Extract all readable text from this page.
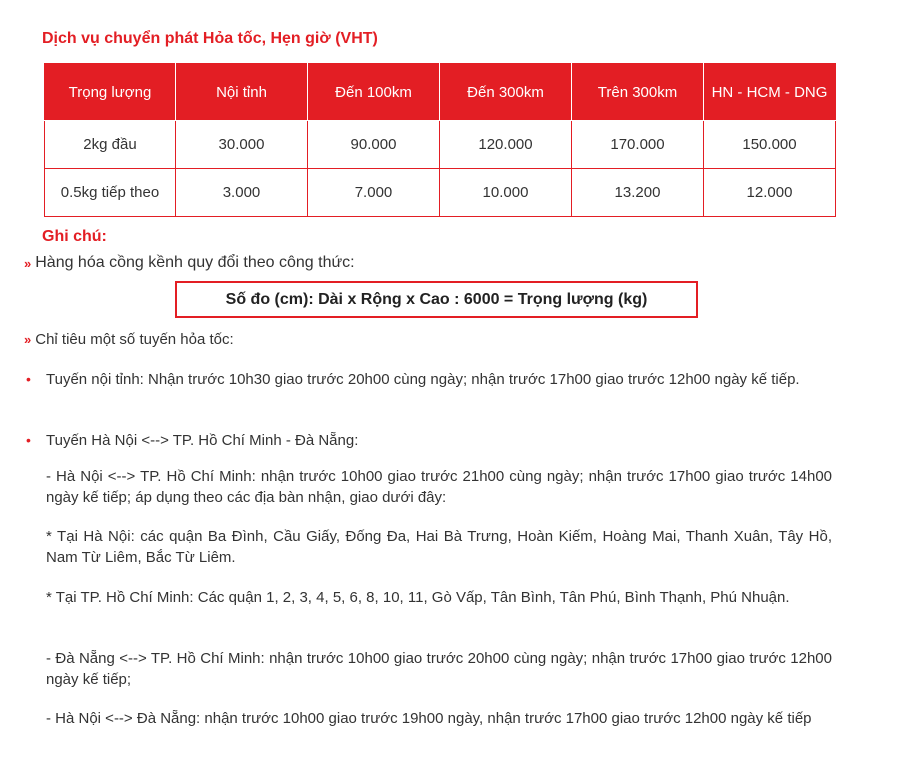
Dịch vụ chuyển phát Hỏa tốc, Hẹn giờ (VHT)
Trọng lượng	Nội tỉnh	Đến 100km	Đến 300km	Trên 300km	HN - HCM - DNG
2kg đầu	30.000	90.000	120.000	170.000	150.000
0.5kg tiếp theo	3.000	7.000	10.000	13.200	12.000
Ghi chú:
» Hàng hóa cồng kềnh quy đổi theo công thức:
Số đo (cm): Dài x Rộng x Cao : 6000 = Trọng lượng (kg)
» Chỉ tiêu một số tuyến hỏa tốc:
•	Tuyến nội tỉnh: Nhận trước 10h30 giao trước 20h00 cùng ngày; nhận trước 17h00 giao trước 12h00 ngày kế tiếp.
•	Tuyến Hà Nội <--> TP. Hồ Chí Minh - Đà Nẵng:
- Hà Nội <--> TP. Hồ Chí Minh: nhận trước 10h00 giao trước 21h00 cùng ngày; nhận trước 17h00 giao trước 14h00 ngày kế tiếp; áp dụng theo các địa bàn nhận, giao dưới đây:
* Tại Hà Nội: các quận Ba Đình, Cầu Giấy, Đống Đa, Hai Bà Trưng, Hoàn Kiếm, Hoàng Mai, Thanh Xuân, Tây Hồ, Nam Từ Liêm, Bắc Từ Liêm.
* Tại TP. Hồ Chí Minh: Các quận 1, 2, 3, 4, 5, 6, 8, 10, 11, Gò Vấp, Tân Bình, Tân Phú, Bình Thạnh, Phú Nhuận.
- Đà Nẵng <--> TP. Hồ Chí Minh: nhận trước 10h00 giao trước 20h00 cùng ngày; nhận trước 17h00 giao trước 12h00 ngày kế tiếp;
- Hà Nội <--> Đà Nẵng: nhận trước 10h00 giao trước 19h00 ngày, nhận trước 17h00 giao trước 12h00 ngày kế tiếp
